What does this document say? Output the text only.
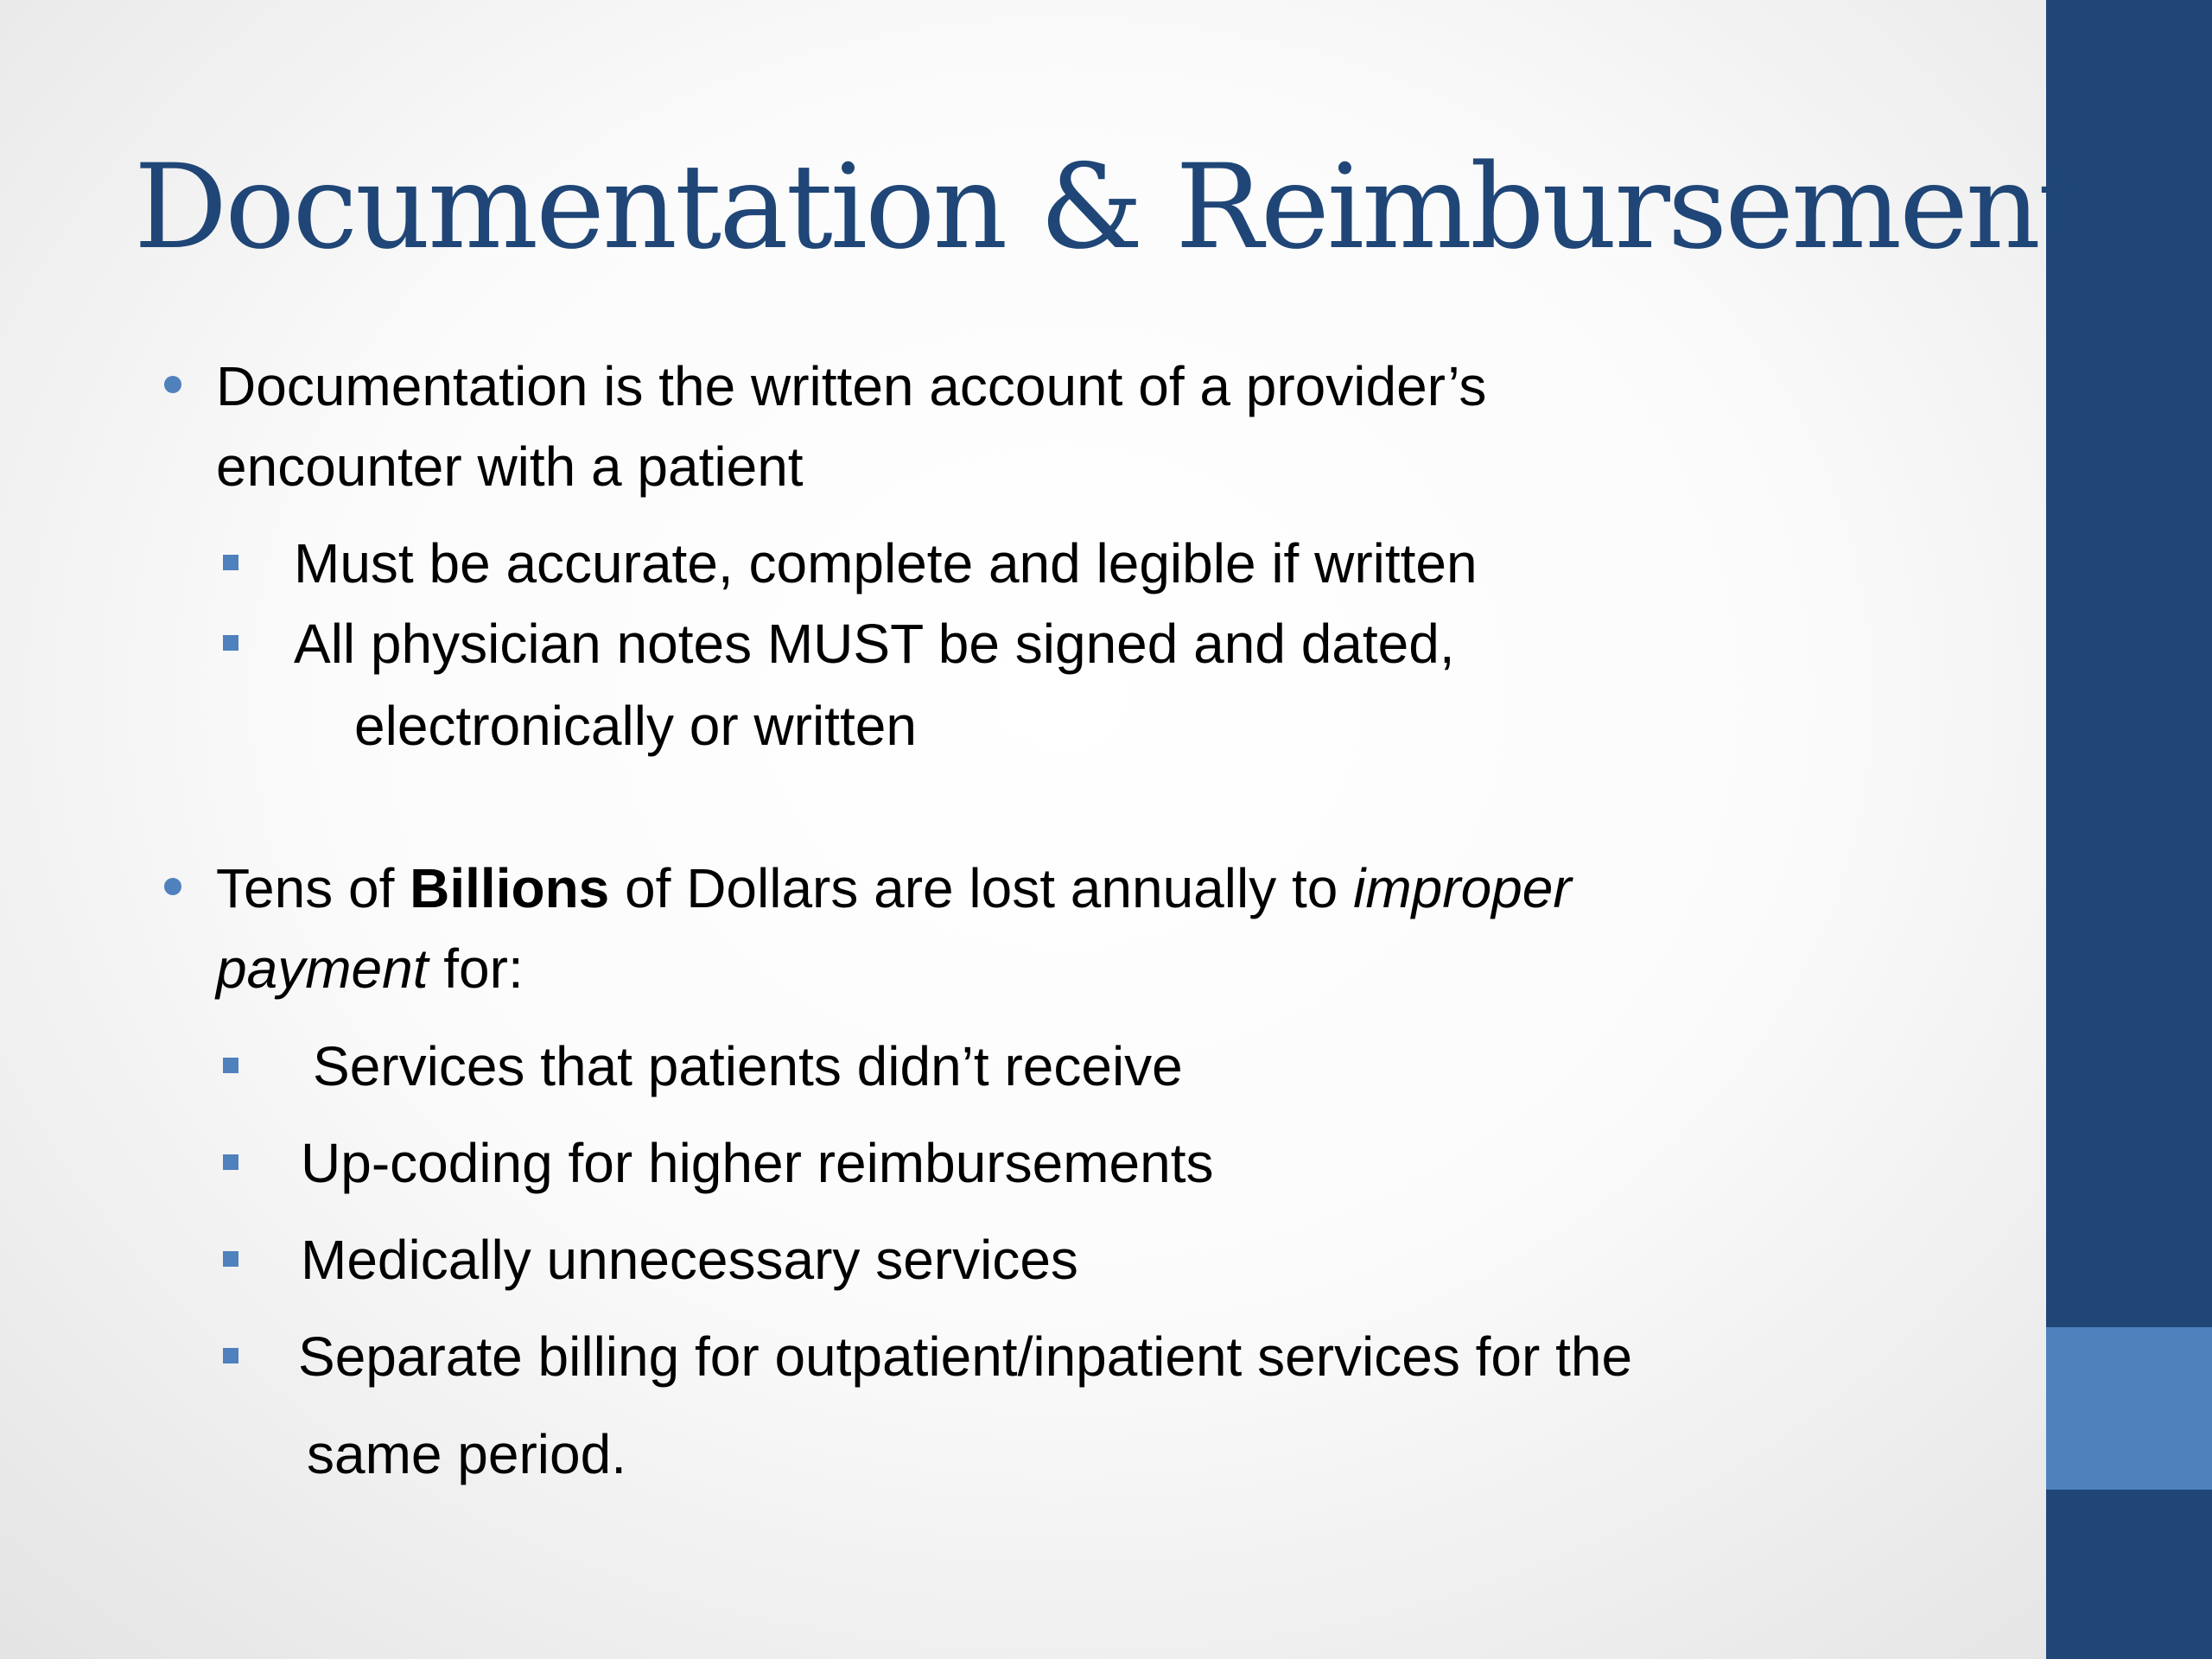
Documentation & Reimbursement
Documentation is the written account of a provider’s
encounter with a patient
Must be accurate, complete and legible if written
All physician notes MUST be signed and dated,
electronically or written
Tens of Billions of Dollars are lost annually to improper
payment for:
Services that patients didn’t receive
Up-coding for higher reimbursements
Medically unnecessary services
Separate billing for outpatient/inpatient services for the
same period.
